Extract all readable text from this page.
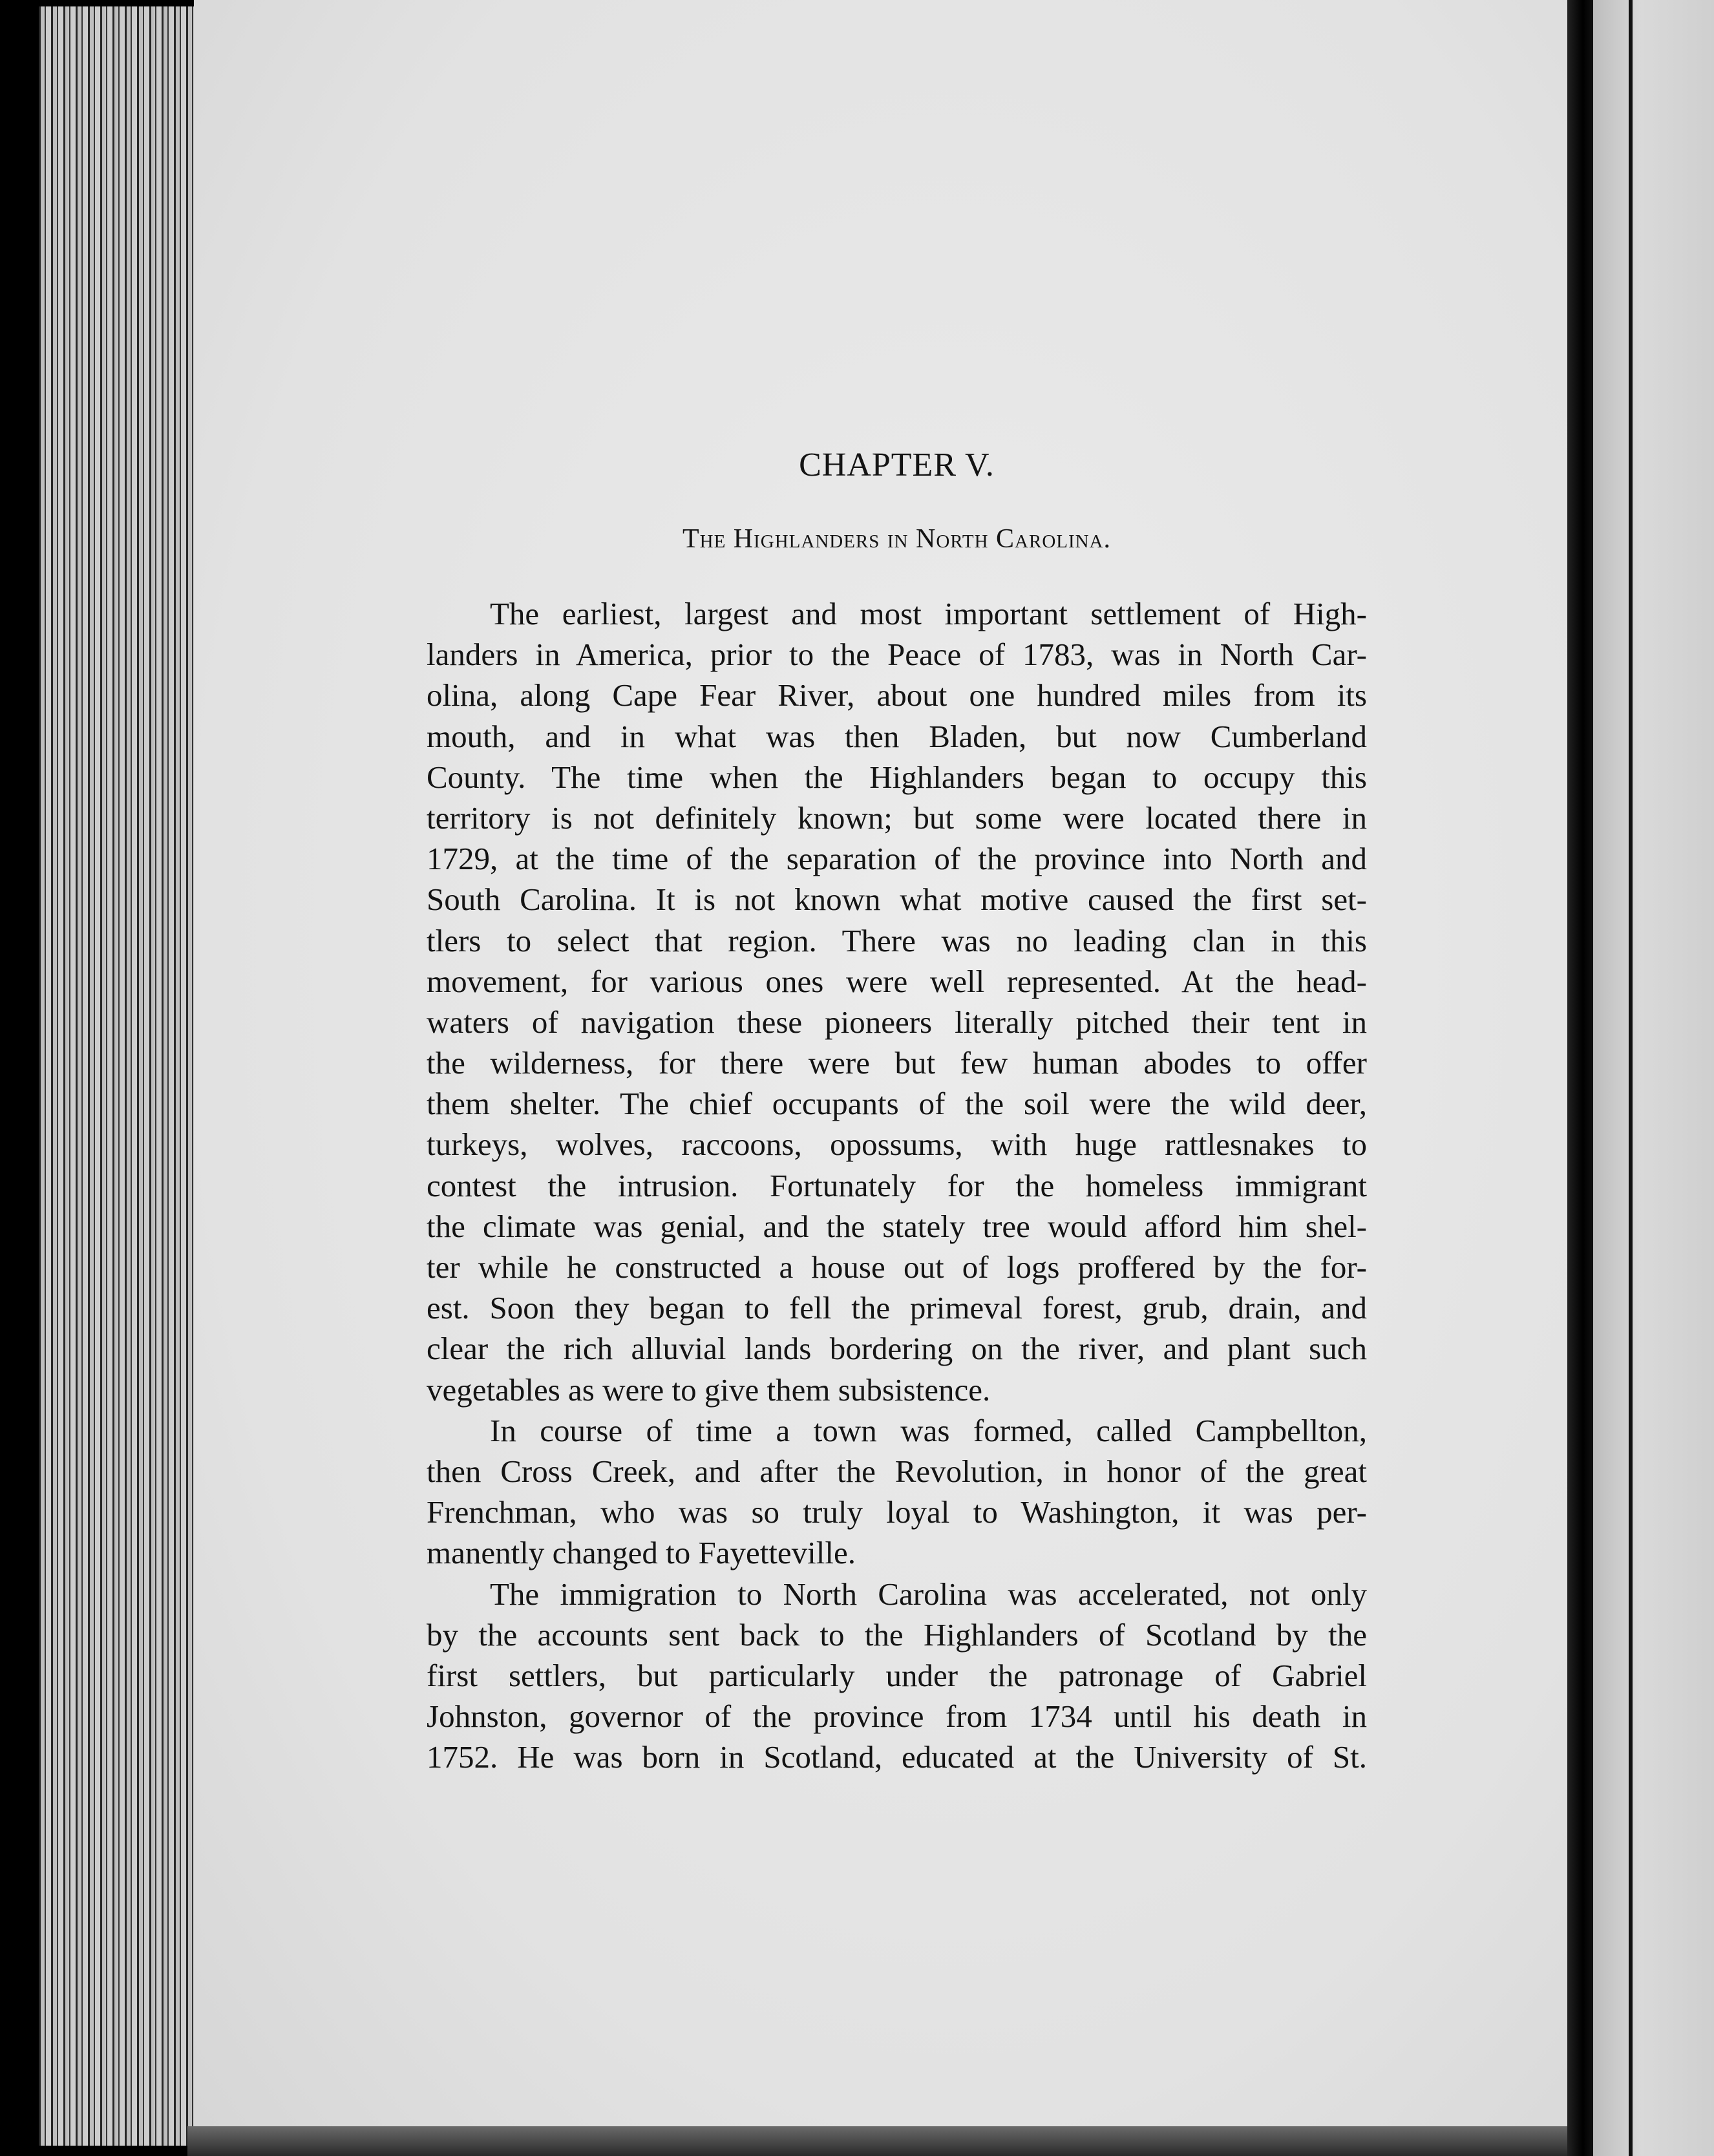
CHAPTER V.
The Highlanders in North Carolina.
The earliest, largest and most important settlement of High-
landers in America, prior to the Peace of 1783, was in North Car-
olina, along Cape Fear River, about one hundred miles from its
mouth, and in what was then Bladen, but now Cumberland
County. The time when the Highlanders began to occupy this
territory is not definitely known; but some were located there in
1729, at the time of the separation of the province into North and
South Carolina. It is not known what motive caused the first set-
tlers to select that region. There was no leading clan in this
movement, for various ones were well represented. At the head-
waters of navigation these pioneers literally pitched their tent in
the wilderness, for there were but few human abodes to offer
them shelter. The chief occupants of the soil were the wild deer,
turkeys, wolves, raccoons, opossums, with huge rattlesnakes to
contest the intrusion. Fortunately for the homeless immigrant
the climate was genial, and the stately tree would afford him shel-
ter while he constructed a house out of logs proffered by the for-
est. Soon they began to fell the primeval forest, grub, drain, and
clear the rich alluvial lands bordering on the river, and plant such
vegetables as were to give them subsistence.
In course of time a town was formed, called Campbellton,
then Cross Creek, and after the Revolution, in honor of the great
Frenchman, who was so truly loyal to Washington, it was per-
manently changed to Fayetteville.
The immigration to North Carolina was accelerated, not only
by the accounts sent back to the Highlanders of Scotland by the
first settlers, but particularly under the patronage of Gabriel
Johnston, governor of the province from 1734 until his death in
1752. He was born in Scotland, educated at the University of St.
